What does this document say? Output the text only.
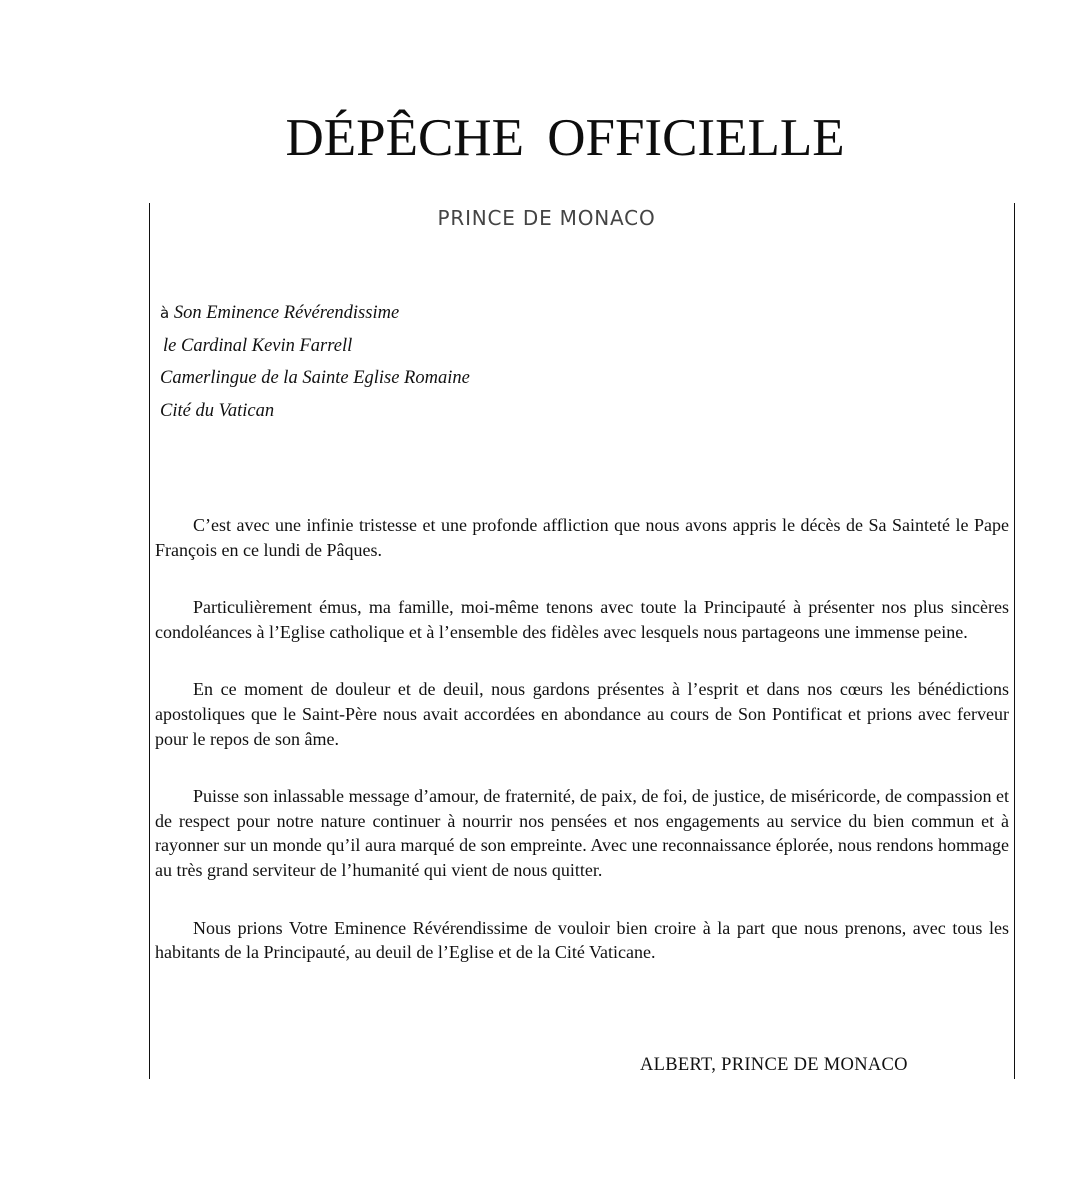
DÉPÊCHE OFFICIELLE
PRINCE DE MONACO
à Son Eminence Révérendissime
le Cardinal Kevin Farrell
Camerlingue de la Sainte Eglise Romaine
Cité du Vatican

C’est avec une infinie tristesse et une profonde affliction que nous avons appris le décès de Sa Sainteté le Pape François en ce lundi de Pâques.

Particulièrement émus, ma famille, moi-même tenons avec toute la Principauté à présenter nos plus sincères condoléances à l’Eglise catholique et à l’ensemble des fidèles avec lesquels nous partageons une immense peine.

En ce moment de douleur et de deuil, nous gardons présentes à l’esprit et dans nos cœurs les bénédictions apostoliques que le Saint-Père nous avait accordées en abondance au cours de Son Pontificat et prions avec ferveur pour le repos de son âme.

Puisse son inlassable message d’amour, de fraternité, de paix, de foi, de justice, de miséricorde, de compassion et de respect pour notre nature continuer à nourrir nos pensées et nos engagements au service du bien commun et à rayonner sur un monde qu’il aura marqué de son empreinte. Avec une reconnaissance éplorée, nous rendons hommage au très grand serviteur de l’humanité qui vient de nous quitter.

Nous prions Votre Eminence Révérendissime de vouloir bien croire à la part que nous prenons, avec tous les habitants de la Principauté, au deuil de l’Eglise et de la Cité Vaticane.

ALBERT, PRINCE DE MONACO
